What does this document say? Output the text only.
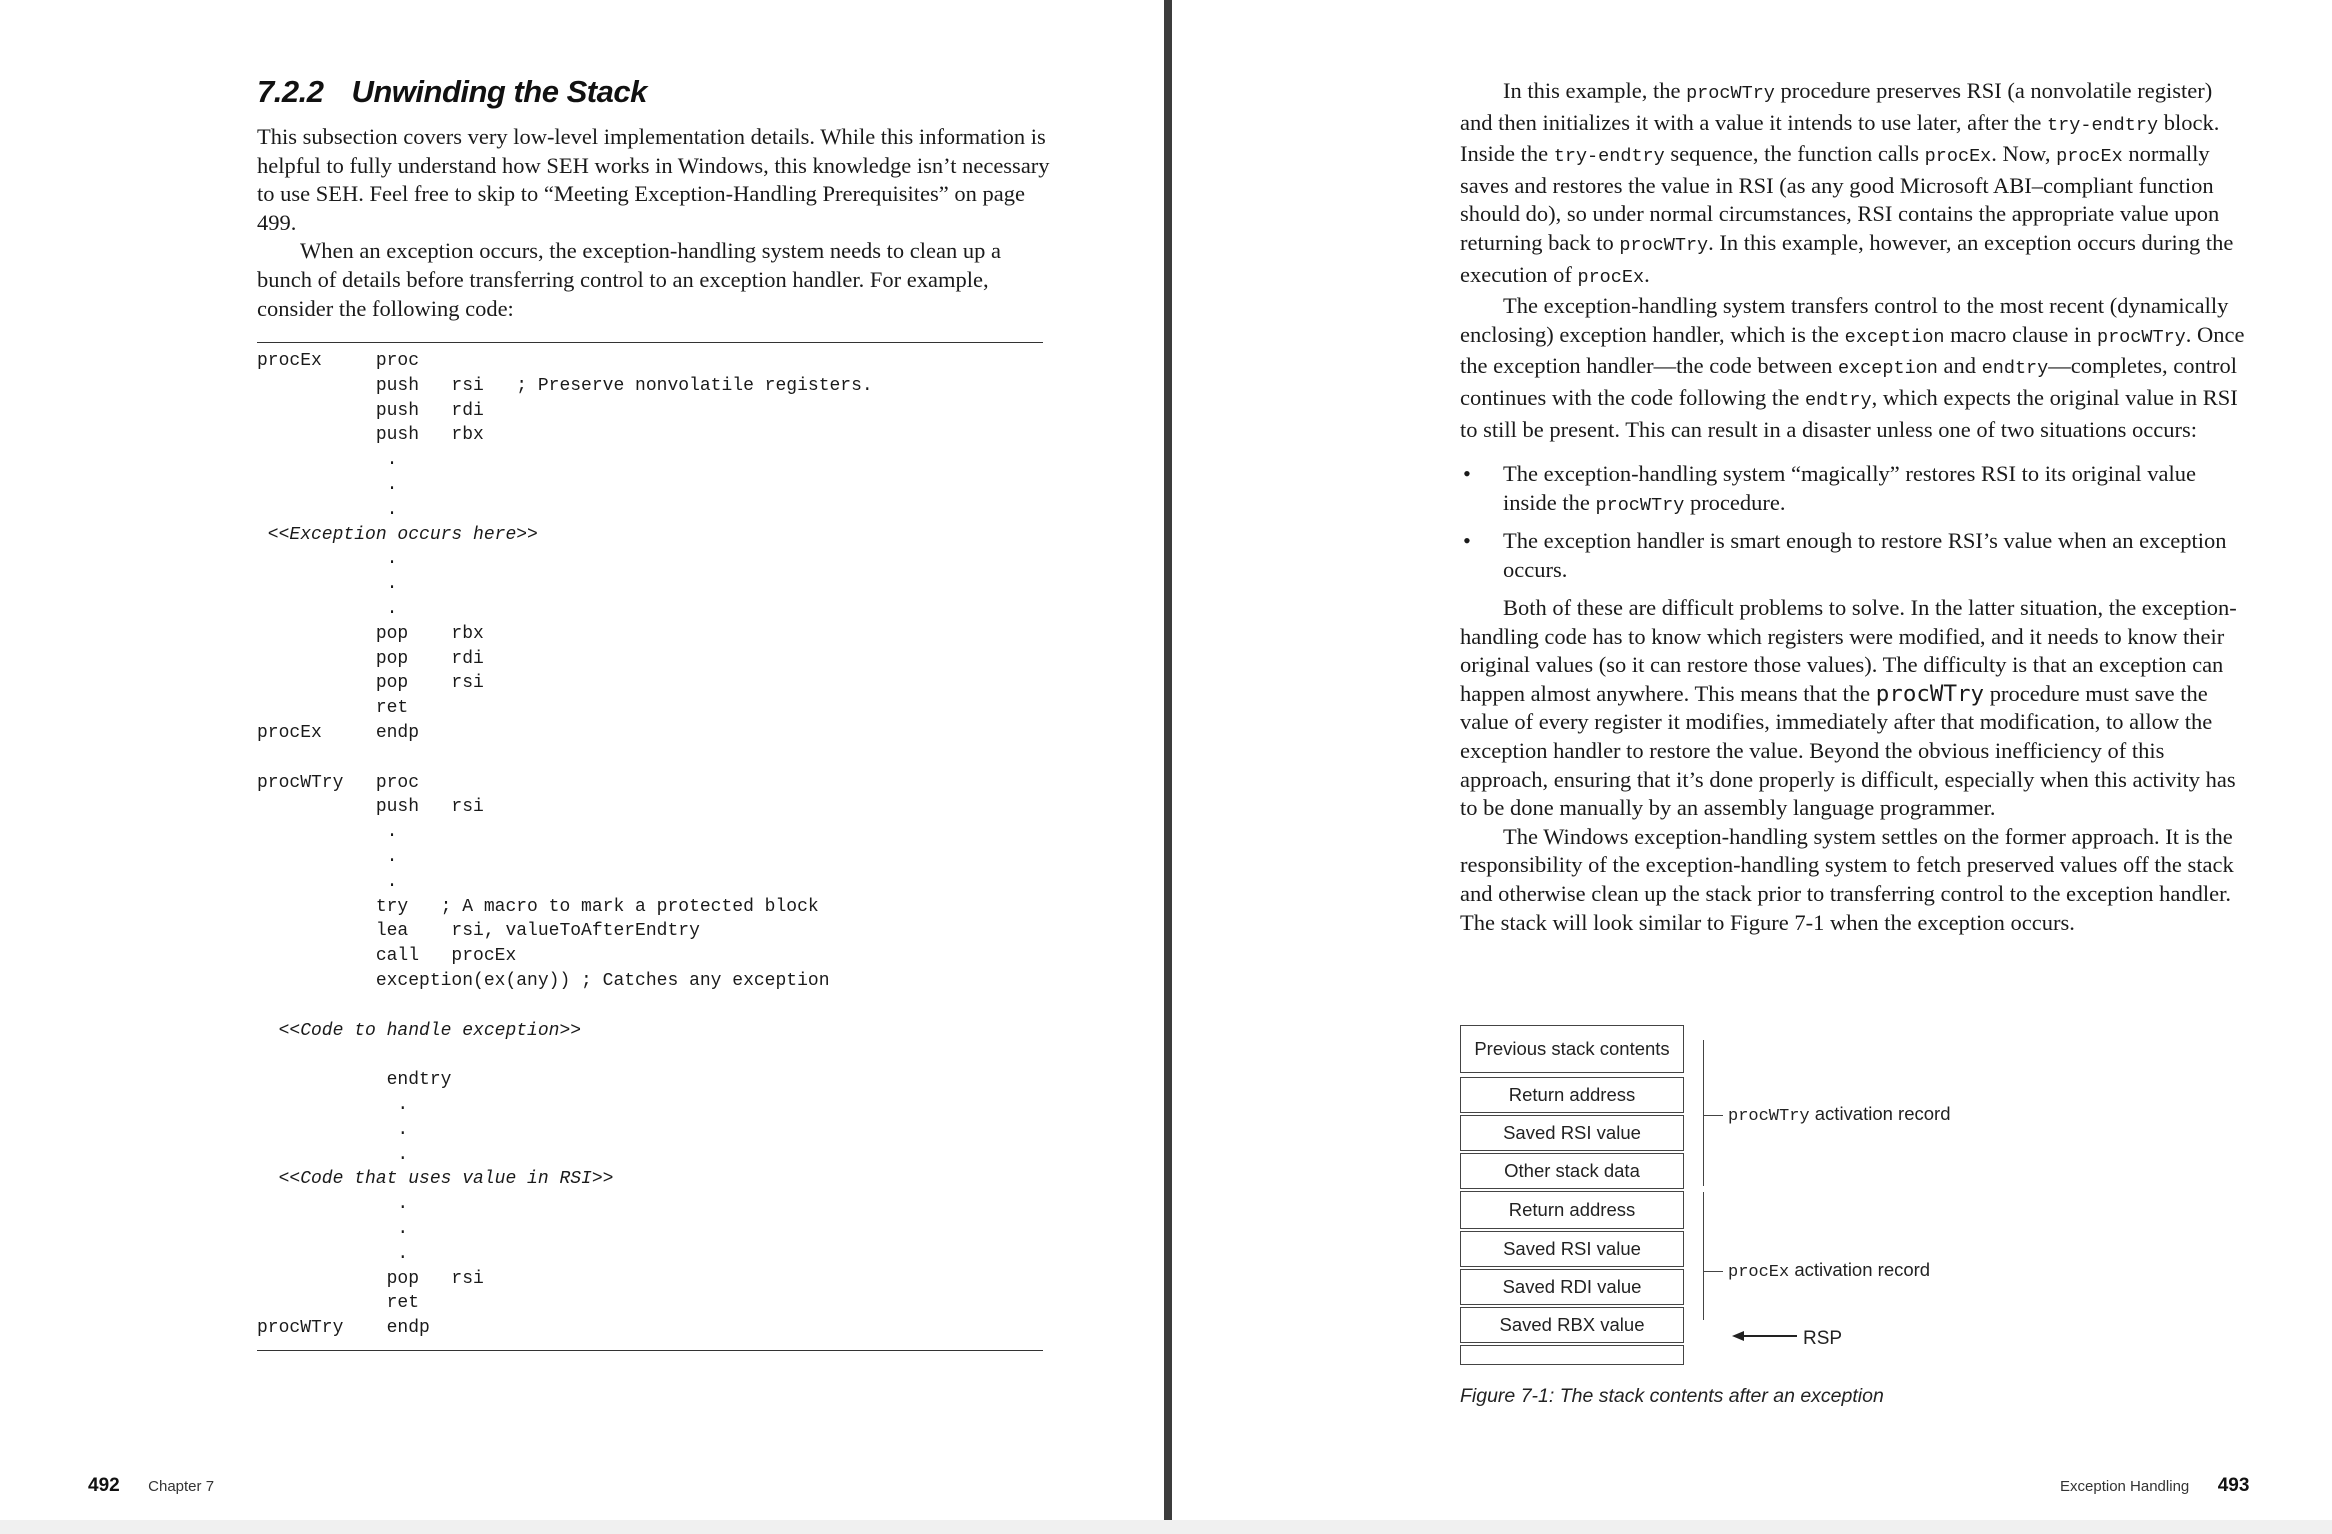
7.2.2 Unwinding the Stack

This subsection covers very low-level implementation details. While this information is helpful to fully understand how SEH works in Windows, this knowledge isn’t necessary to use SEH. Feel free to skip to “Meeting Exception-Handling Prerequisites” on page 499.

When an exception occurs, the exception-handling system needs to clean up a bunch of details before transferring control to an exception handler. For example, consider the following code:

procEx     proc
push   rsi   ; Preserve nonvolatile registers.
push   rdi
push   rbx
.
.
.
<<Exception occurs here>>
.
.
.
pop    rbx
pop    rdi
pop    rsi
ret
procEx     endp
procWTry   proc
push   rsi
.
.
.
try   ; A macro to mark a protected block
lea    rsi, valueToAfterEndtry
call   procEx
exception(ex(any)) ; Catches any exception
<<Code to handle exception>>
endtry
.
.
.
<<Code that uses value in RSI>>
.
.
.
pop   rsi
ret
procWTry    endp
492 Chapter 7

In this example, the procWTry procedure preserves RSI (a nonvolatile register) and then initializes it with a value it intends to use later, after the try-endtry block. Inside the try-endtry sequence, the function calls procEx. Now, procEx normally saves and restores the value in RSI (as any good Microsoft ABI–compliant function should do), so under normal circumstances, RSI contains the appropriate value upon returning back to procWTry. In this example, however, an exception occurs during the execution of procEx.

The exception-handling system transfers control to the most recent (dynamically enclosing) exception handler, which is the exception macro clause in procWTry. Once the exception handler—the code between exception and endtry—completes, control continues with the code following the endtry, which expects the original value in RSI to still be present. This can result in a disaster unless one of two situations occurs:

• The exception-handling system “magically” restores RSI to its original value inside the procWTry procedure.
• The exception handler is smart enough to restore RSI’s value when an exception occurs.

Both of these are difficult problems to solve. In the latter situation, the exception-handling code has to know which registers were modified, and it needs to know their original values (so it can restore those values). The difficulty is that an exception can happen almost anywhere. This means that the procWTry procedure must save the value of every register it modifies, immediately after that modification, to allow the exception handler to restore the value. Beyond the obvious inefficiency of this approach, ensuring that it’s done properly is difficult, especially when this activity has to be done manually by an assembly language programmer.

The Windows exception-handling system settles on the former approach. It is the responsibility of the exception-handling system to fetch preserved values off the stack and otherwise clean up the stack prior to transferring control to the exception handler. The stack will look similar to Figure 7-1 when the exception occurs.

Previous stack contents
Return address
Saved RSI value
Other stack data
Return address
Saved RSI value
Saved RDI value
Saved RBX value
procWTry activation record
procEx activation record
RSP
Figure 7-1: The stack contents after an exception
Exception Handling 493
